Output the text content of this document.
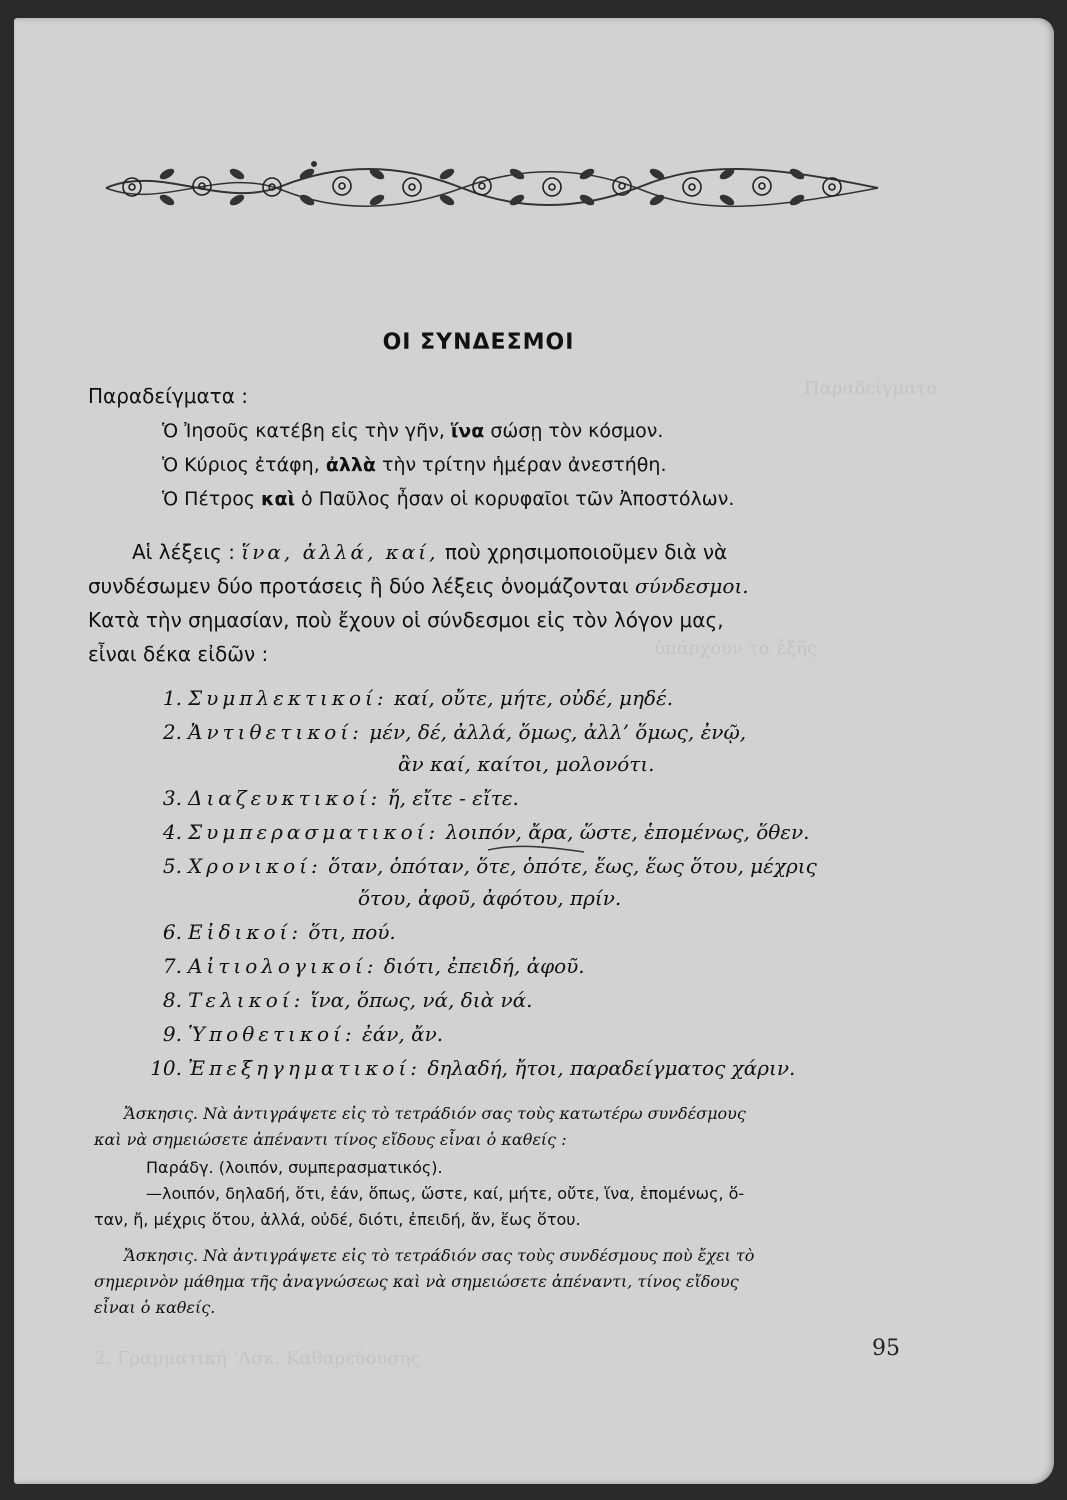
Παραδείγματα
ὑπάρχουν τὰ ἑξῆς
2. Γραμματική ʼΑσκ. Καθαρεύουσης
ΟΙ ΣΥΝΔΕΣΜΟΙ
Παραδείγματα :
Ὁ Ἰησοῦς κατέβη εἰς τὴν γῆν, ἵνα σώσῃ τὸν κόσμον.
Ὁ Κύριος ἐτάφη, ἀλλὰ τὴν τρίτην ἡμέραν ἀνεστήθη.
Ὁ Πέτρος καὶ ὁ Παῦλος ἦσαν οἱ κορυφαῖοι τῶν Ἀποστόλων.
Αἱ λέξεις : ἵνα, ἀλλά, καί, ποὺ χρησιμοποιοῦμεν διὰ νὰ
συνδέσωμεν δύο προτάσεις ἢ δύο λέξεις ὀνομάζονται σύνδεσμοι.
Κατὰ τὴν σημασίαν, ποὺ ἔχουν οἱ σύνδεσμοι εἰς τὸν λόγον μας,
εἶναι δέκα εἰδῶν :
1. Συμπλεκτικοί: καί, οὔτε, μήτε, οὐδέ, μηδέ.
2. Ἀντιθετικοί: μέν, δέ, ἀλλά, ὅμως, ἀλλ’ ὅμως, ἐνῷ,
ἂν καί, καίτοι, μολονότι.
3. Διαζευκτικοί: ἤ, εἴτε - εἴτε.
4. Συμπερασματικοί: λοιπόν, ἄρα, ὥστε, ἑπομένως, ὅθεν.
5. Χρονικοί: ὅταν, ὁπόταν, ὅτε, ὁπότε, ἕως, ἕως ὅτου, μέχρις
ὅτου, ἀφοῦ, ἀφότου, πρίν.
6. Εἰδικοί: ὅτι, πού.
7. Αἰτιολογικοί: διότι, ἐπειδή, ἀφοῦ.
8. Τελικοί: ἵνα, ὅπως, νά, διὰ νά.
9. Ὑποθετικοί: ἐάν, ἄν.
10. Ἐπεξηγηματικοί: δηλαδή, ἤτοι, παραδείγματος χάριν.
Ἄσκησις. Νὰ ἀντιγράψετε εἰς τὸ τετράδιόν σας τοὺς κατωτέρω συνδέσμους
καὶ νὰ σημειώσετε ἀπέναντι τίνος εἴδους εἶναι ὁ καθείς :
Παράδγ. (λοιπόν, συμπερασματικός).
—λοιπόν, δηλαδή, ὅτι, ἐάν, ὅπως, ὥστε, καί, μήτε, οὔτε, ἵνα, ἑπομένως, ὅ-
ταν, ἤ, μέχρις ὅτου, ἀλλά, οὐδέ, διότι, ἐπειδή, ἄν, ἕως ὅτου.
Ἄσκησις. Νὰ ἀντιγράψετε εἰς τὸ τετράδιόν σας τοὺς συνδέσμους ποὺ ἔχει τὸ
σημερινὸν μάθημα τῆς ἀναγνώσεως καὶ νὰ σημειώσετε ἀπέναντι, τίνος εἴδους
εἶναι ὁ καθείς.
95
